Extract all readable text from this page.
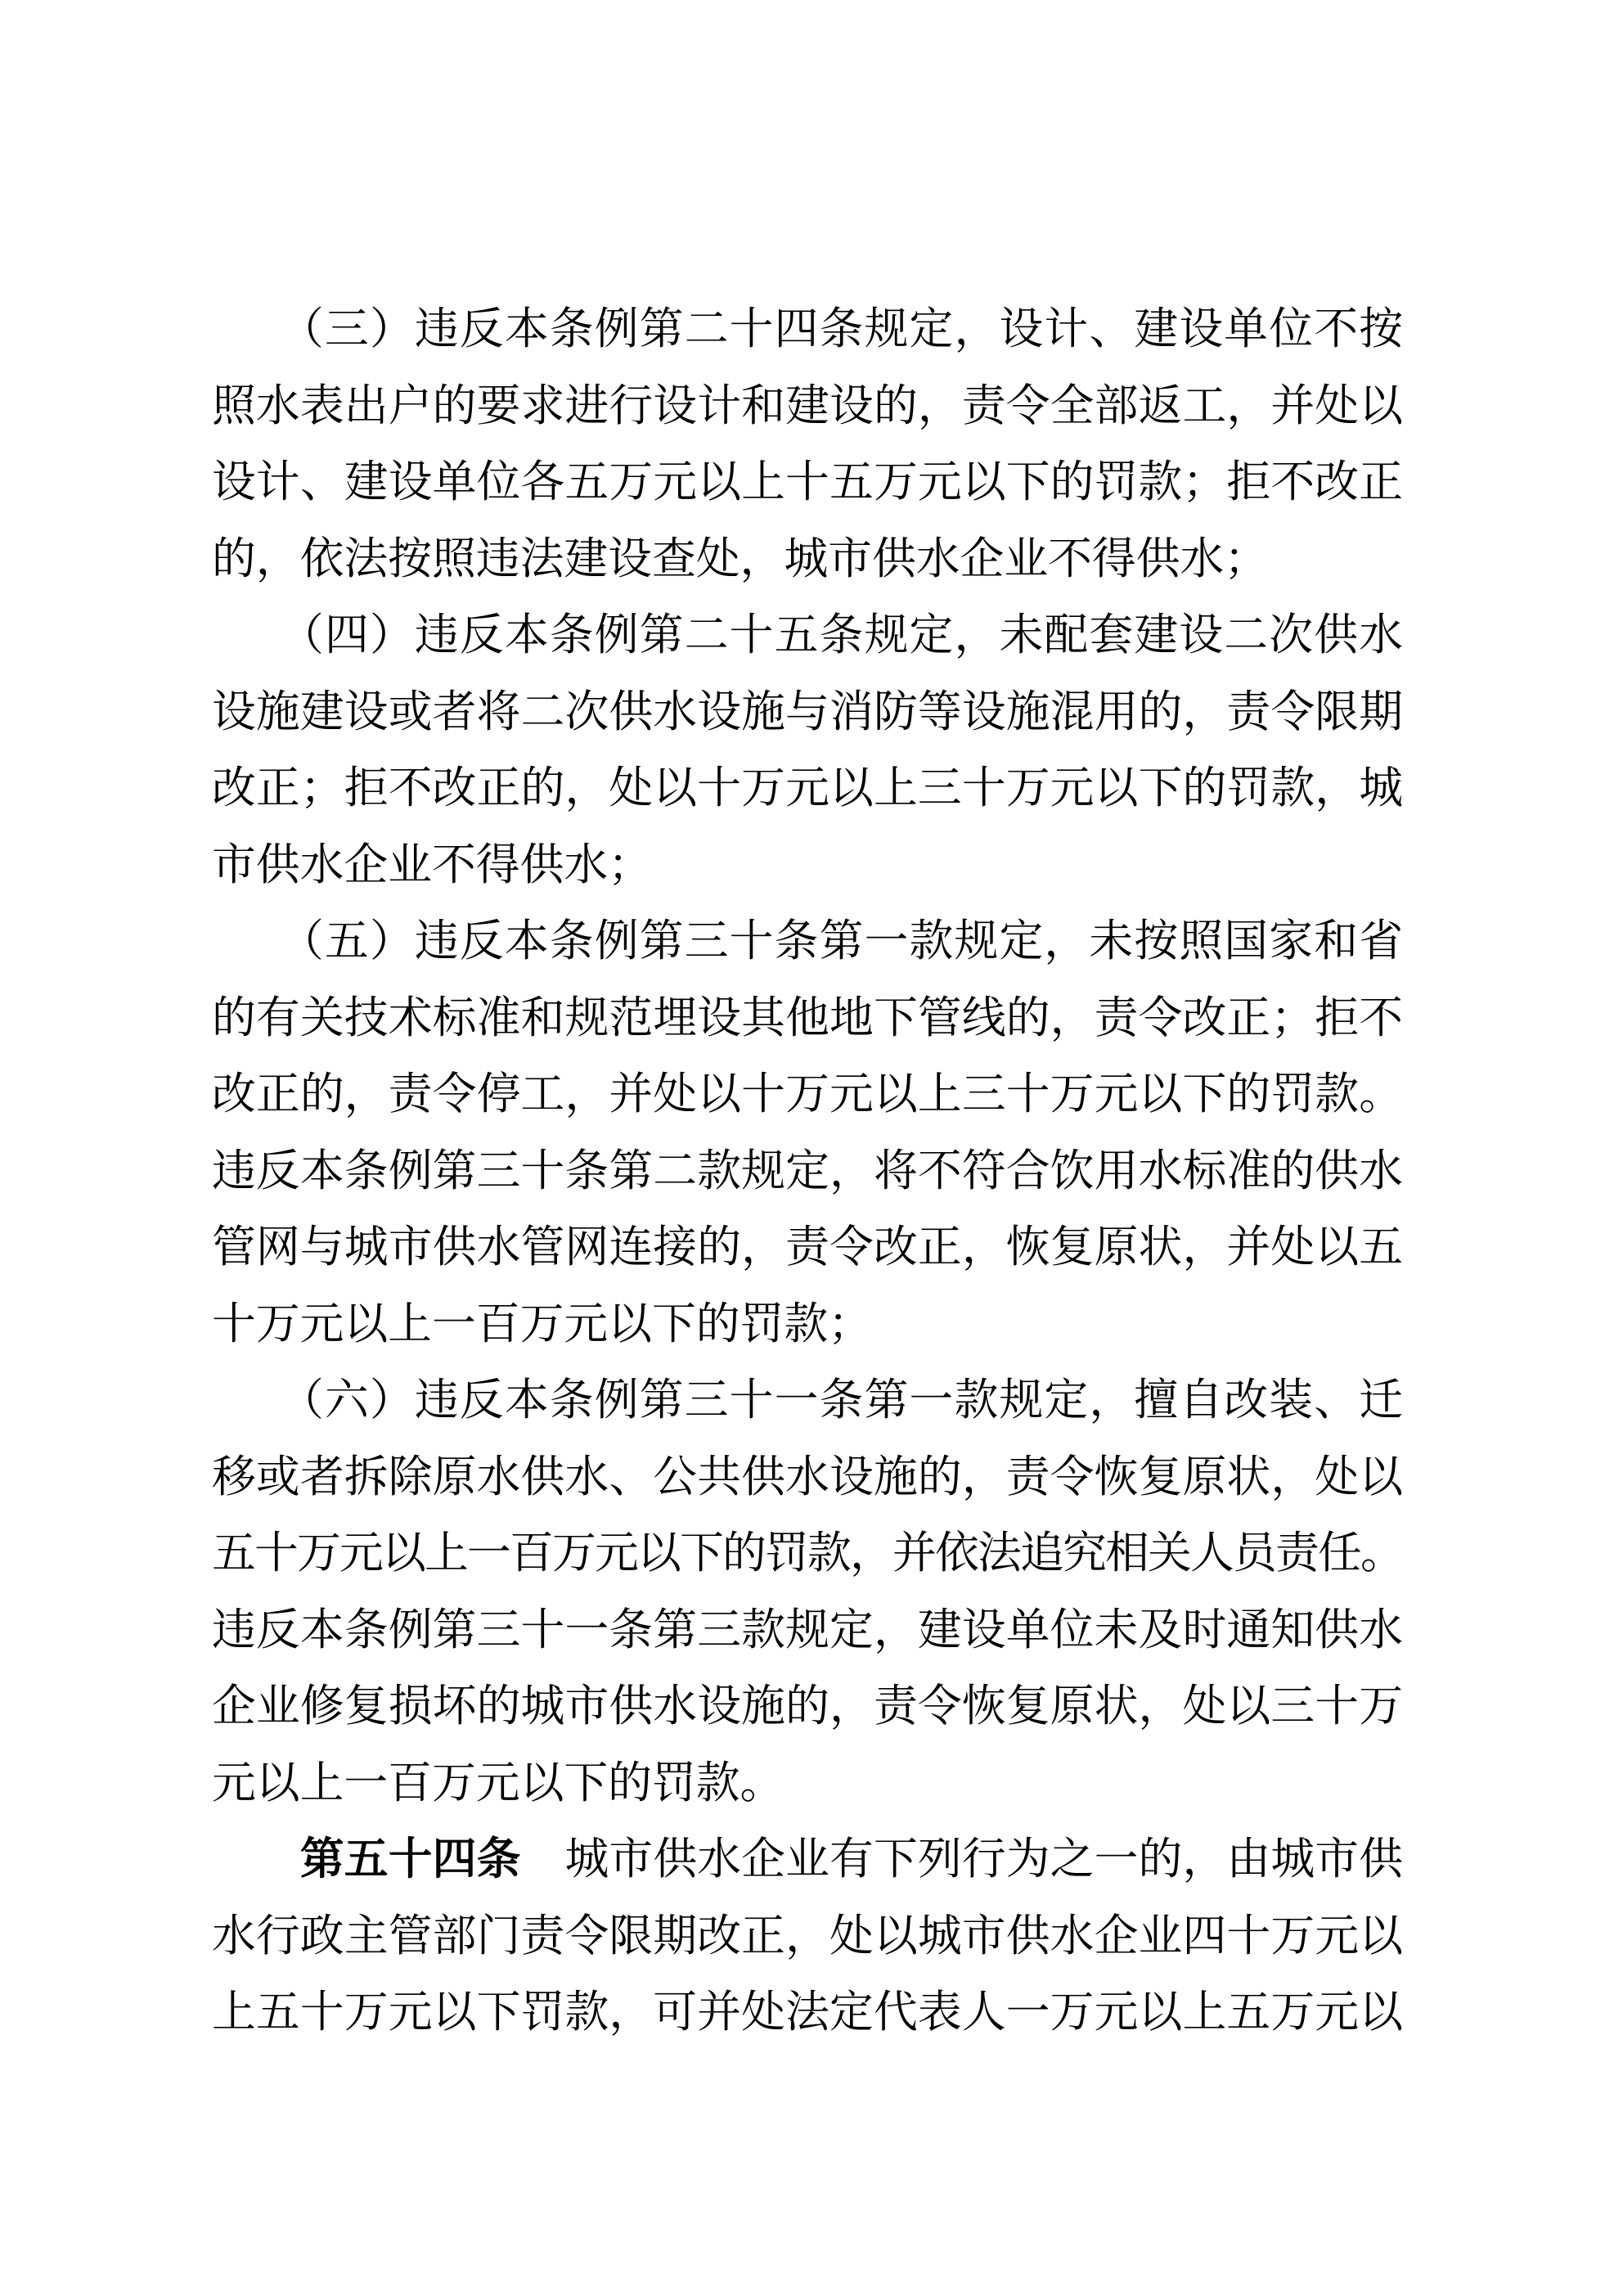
　　（三）违反本条例第二十四条规定，设计、建设单位不按
照水表出户的要求进行设计和建设的，责令全部返工，并处以
设计、建设单位各五万元以上十五万元以下的罚款；拒不改正
的，依法按照违法建设查处，城市供水企业不得供水；
　　（四）违反本条例第二十五条规定，未配套建设二次供水
设施建设或者将二次供水设施与消防等设施混用的，责令限期
改正；拒不改正的，处以十万元以上三十万元以下的罚款，城
市供水企业不得供水；
　　（五）违反本条例第三十条第一款规定，未按照国家和省
的有关技术标准和规范埋设其他地下管线的，责令改正；拒不
改正的，责令停工，并处以十万元以上三十万元以下的罚款。
违反本条例第三十条第二款规定，将不符合饮用水标准的供水
管网与城市供水管网连接的，责令改正，恢复原状，并处以五
十万元以上一百万元以下的罚款；
　　（六）违反本条例第三十一条第一款规定，擅自改装、迁
移或者拆除原水供水、公共供水设施的，责令恢复原状，处以
五十万元以上一百万元以下的罚款，并依法追究相关人员责任。
违反本条例第三十一条第三款规定，建设单位未及时通知供水
企业修复损坏的城市供水设施的，责令恢复原状，处以三十万
元以上一百万元以下的罚款。
　　第五十四条　城市供水企业有下列行为之一的，由城市供
水行政主管部门责令限期改正，处以城市供水企业四十万元以
上五十万元以下罚款，可并处法定代表人一万元以上五万元以
